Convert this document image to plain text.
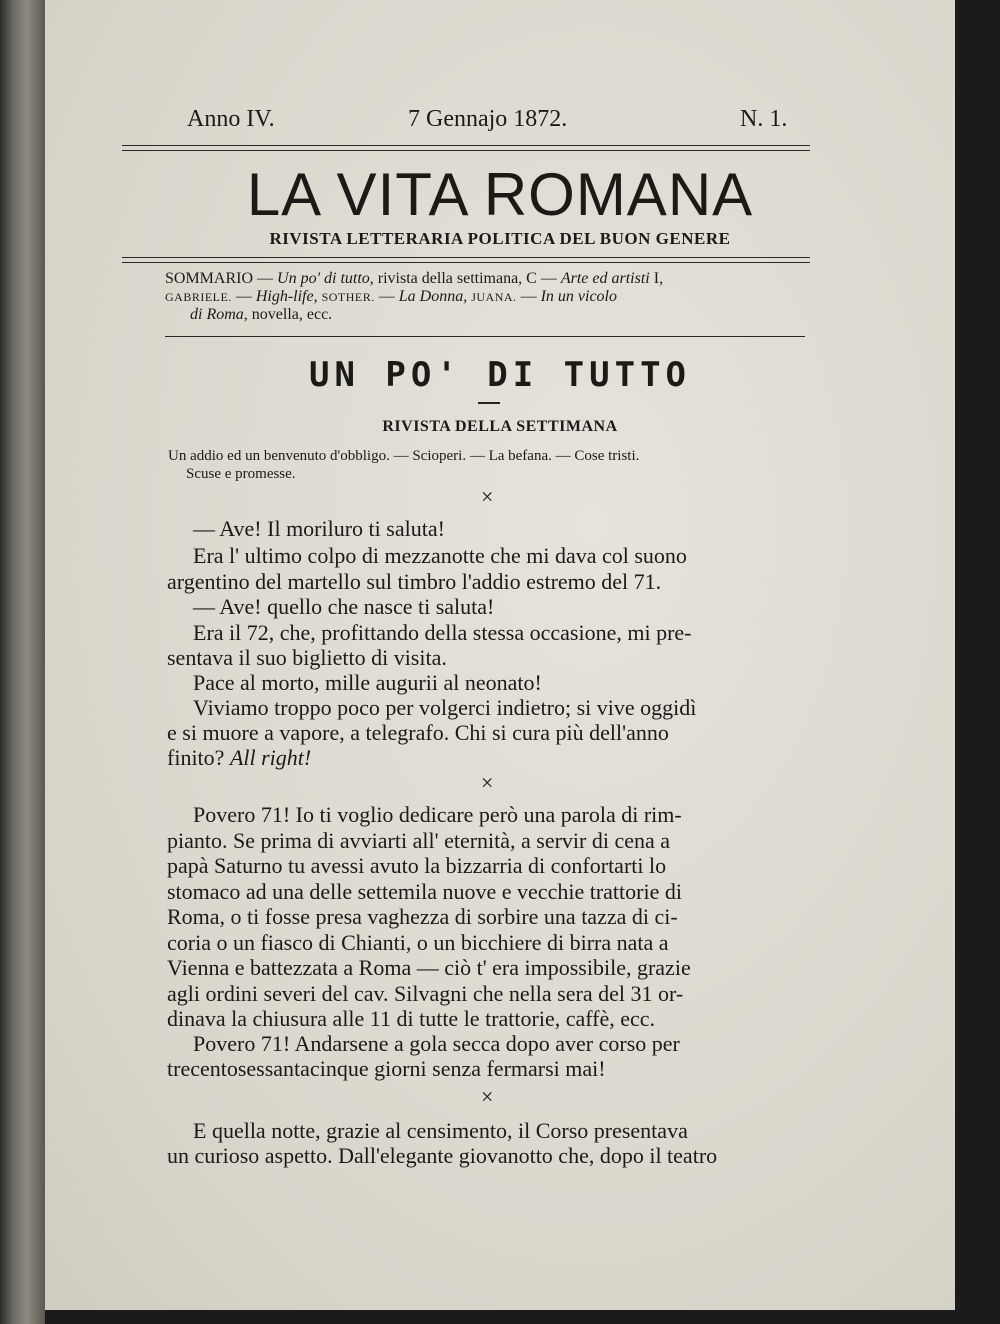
Anno IV.	7 Gennajo 1872.	N. 1.

LA VITA ROMANA

RIVISTA LETTERARIA POLITICA DEL BUON GENERE

SOMMARIO — Un po' di tutto, rivista della settimana, C — Arte ed artisti I,

GABRIELE. — High-life, SOTHER. — La Donna, JUANA. — In un vicolo

di Roma, novella, ecc.

UN PO' DI TUTTO

RIVISTA DELLA SETTIMANA

Un addio ed un benvenuto d'obbligo. — Scioperi. — La befana. — Cose tristi.

Scuse e promesse.

×

— Ave! Il moriluro ti saluta!

Era l' ultimo colpo di mezzanotte che mi dava col suono

argentino del martello sul timbro l'addio estremo del 71.

— Ave! quello che nasce ti saluta!

Era il 72, che, profittando della stessa occasione, mi pre-

sentava il suo biglietto di visita.

Pace al morto, mille augurii al neonato!

Viviamo troppo poco per volgerci indietro; si vive oggidì

e si muore a vapore, a telegrafo. Chi si cura più dell'anno

finito? All right!

×

Povero 71! Io ti voglio dedicare però una parola di rim-

pianto. Se prima di avviarti all' eternità, a servir di cena a

papà Saturno tu avessi avuto la bizzarria di confortarti lo

stomaco ad una delle settemila nuove e vecchie trattorie di

Roma, o ti fosse presa vaghezza di sorbire una tazza di ci-

coria o un fiasco di Chianti, o un bicchiere di birra nata a

Vienna e battezzata a Roma — ciò t' era impossibile, grazie

agli ordini severi del cav. Silvagni che nella sera del 31 or-

dinava la chiusura alle 11 di tutte le trattorie, caffè, ecc.

Povero 71! Andarsene a gola secca dopo aver corso per

trecentosessantacinque giorni senza fermarsi mai!

×

E quella notte, grazie al censimento, il Corso presentava

un curioso aspetto. Dall'elegante giovanotto che, dopo il teatro
